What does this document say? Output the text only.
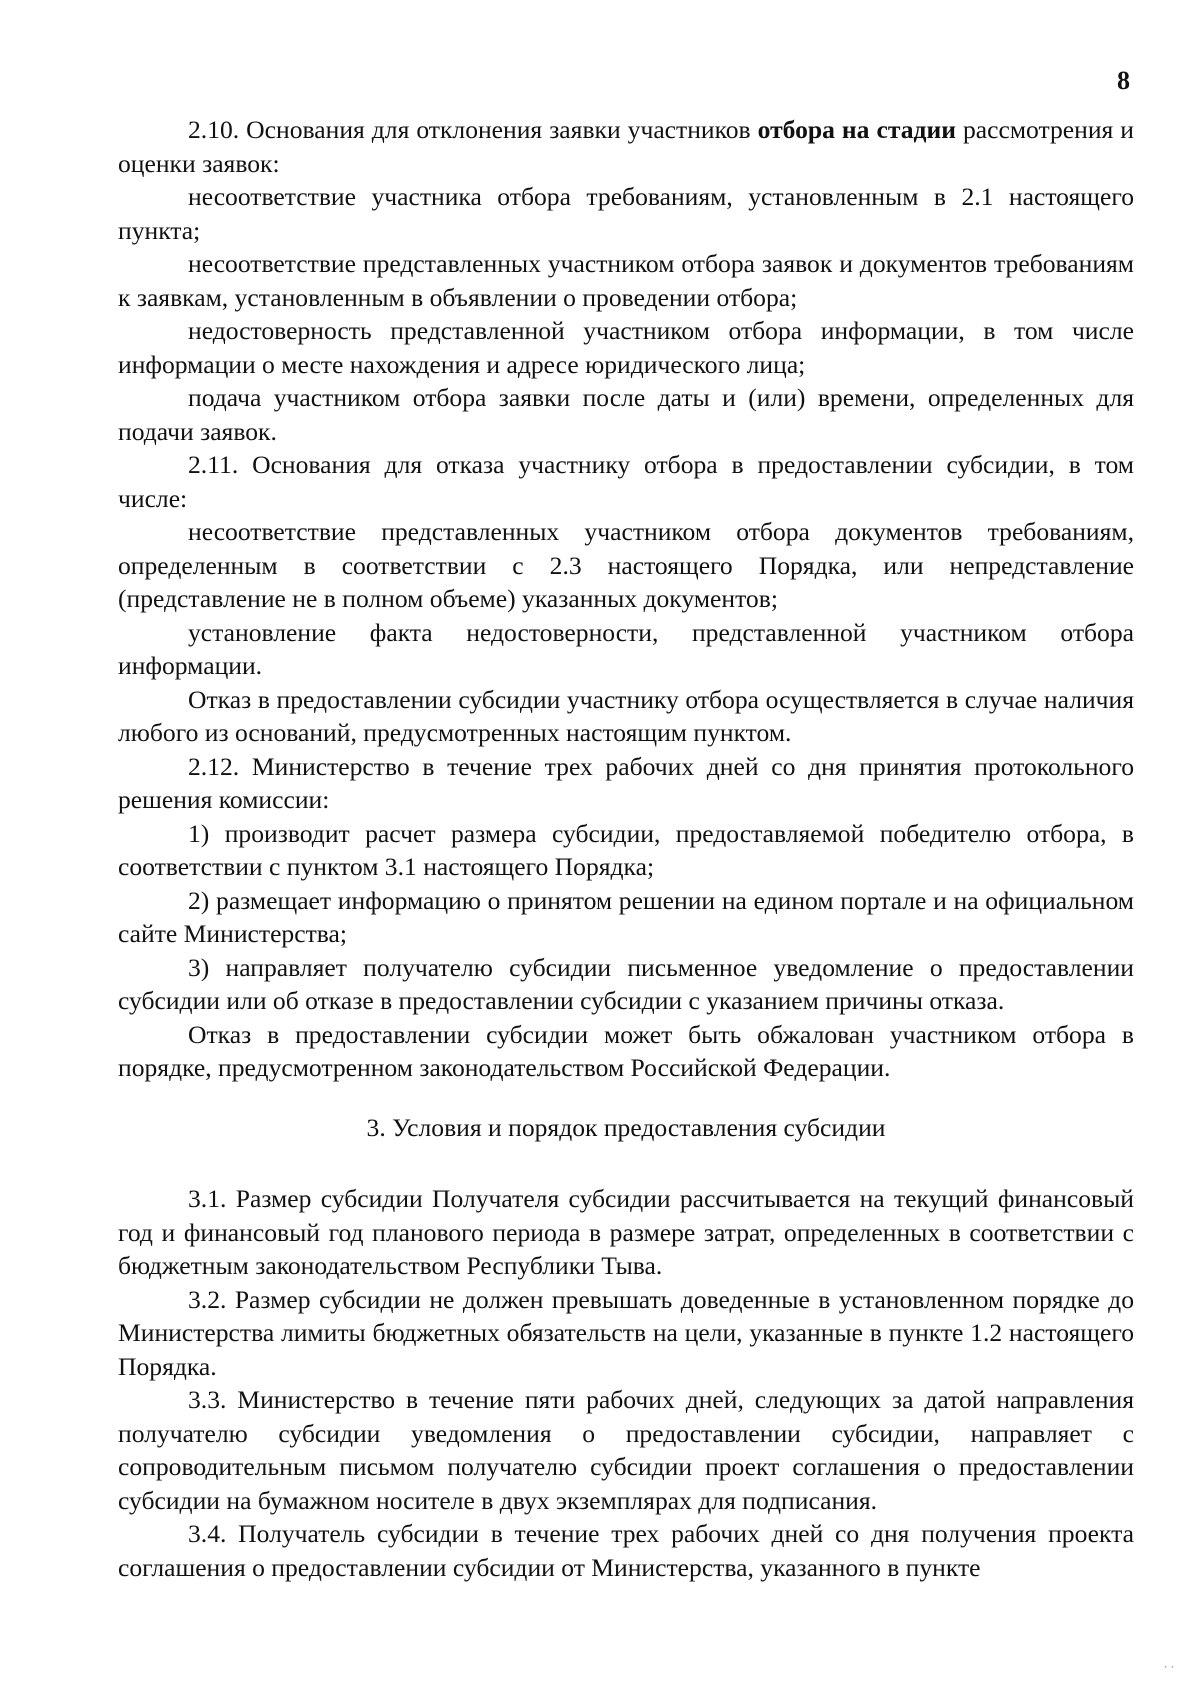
8

2.10. Основания для отклонения заявки участников отбора на стадии рассмотрения и оценки заявок:

несоответствие участника отбора требованиям, установленным в 2.1 настоящего пункта;

несоответствие представленных участником отбора заявок и документов требованиям к заявкам, установленным в объявлении о проведении отбора;

недостоверность представленной участником отбора информации, в том числе информации о месте нахождения и адресе юридического лица;

подача участником отбора заявки после даты и (или) времени, определенных для подачи заявок.

2.11. Основания для отказа участнику отбора в предоставлении субсидии, в том числе:

несоответствие представленных участником отбора документов требованиям, определенным в соответствии с 2.3 настоящего Порядка, или непредставление (представление не в полном объеме) указанных документов;

установление факта недостоверности, представленной участником отбора информации.

Отказ в предоставлении субсидии участнику отбора осуществляется в случае наличия любого из оснований, предусмотренных настоящим пунктом.

2.12. Министерство в течение трех рабочих дней со дня принятия протокольного решения комиссии:

1) производит расчет размера субсидии, предоставляемой победителю отбора, в соответствии с пунктом 3.1 настоящего Порядка;

2) размещает информацию о принятом решении на едином портале и на официальном сайте Министерства;

3) направляет получателю субсидии письменное уведомление о предоставлении субсидии или об отказе в предоставлении субсидии с указанием причины отказа.

Отказ в предоставлении субсидии может быть обжалован участником отбора в порядке, предусмотренном законодательством Российской Федерации.

3. Условия и порядок предоставления субсидии

3.1. Размер субсидии Получателя субсидии рассчитывается на текущий финансовый год и финансовый год планового периода в размере затрат, определенных в соответствии с бюджетным законодательством Республики Тыва.

3.2. Размер субсидии не должен превышать доведенные в установленном порядке до Министерства лимиты бюджетных обязательств на цели, указанные в пункте 1.2 настоящего Порядка.

3.3. Министерство в течение пяти рабочих дней, следующих за датой направления получателю субсидии уведомления о предоставлении субсидии, направляет с сопроводительным письмом получателю субсидии проект соглашения о предоставлении субсидии на бумажном носителе в двух экземплярах для подписания.

3.4. Получатель субсидии в течение трех рабочих дней со дня получения проекта соглашения о предоставлении субсидии от Министерства, указанного в пункте

˙˙
